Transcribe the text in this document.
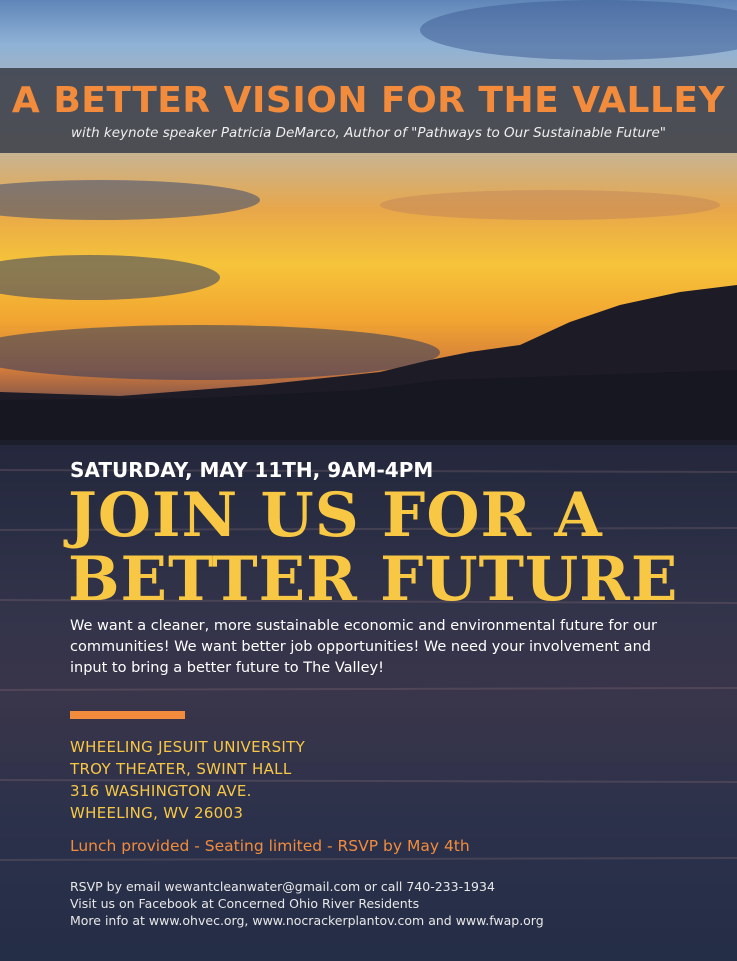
A BETTER VISION FOR THE VALLEY
with keynote speaker Patricia DeMarco, Author of "Pathways to Our Sustainable Future"
SATURDAY, MAY 11TH, 9AM-4PM
JOIN US FOR A
BETTER FUTURE
We want a cleaner, more sustainable economic and environmental future for our communities! We want better job opportunities! We need your involvement and input to bring a better future to The Valley!
WHEELING JESUIT UNIVERSITY
TROY THEATER, SWINT HALL
316 WASHINGTON AVE.
WHEELING, WV 26003
Lunch provided - Seating limited - RSVP by May 4th
RSVP by email wewantcleanwater@gmail.com or call 740-233-1934
Visit us on Facebook at Concerned Ohio River Residents
More info at www.ohvec.org, www.nocrackerplantov.com and www.fwap.org
